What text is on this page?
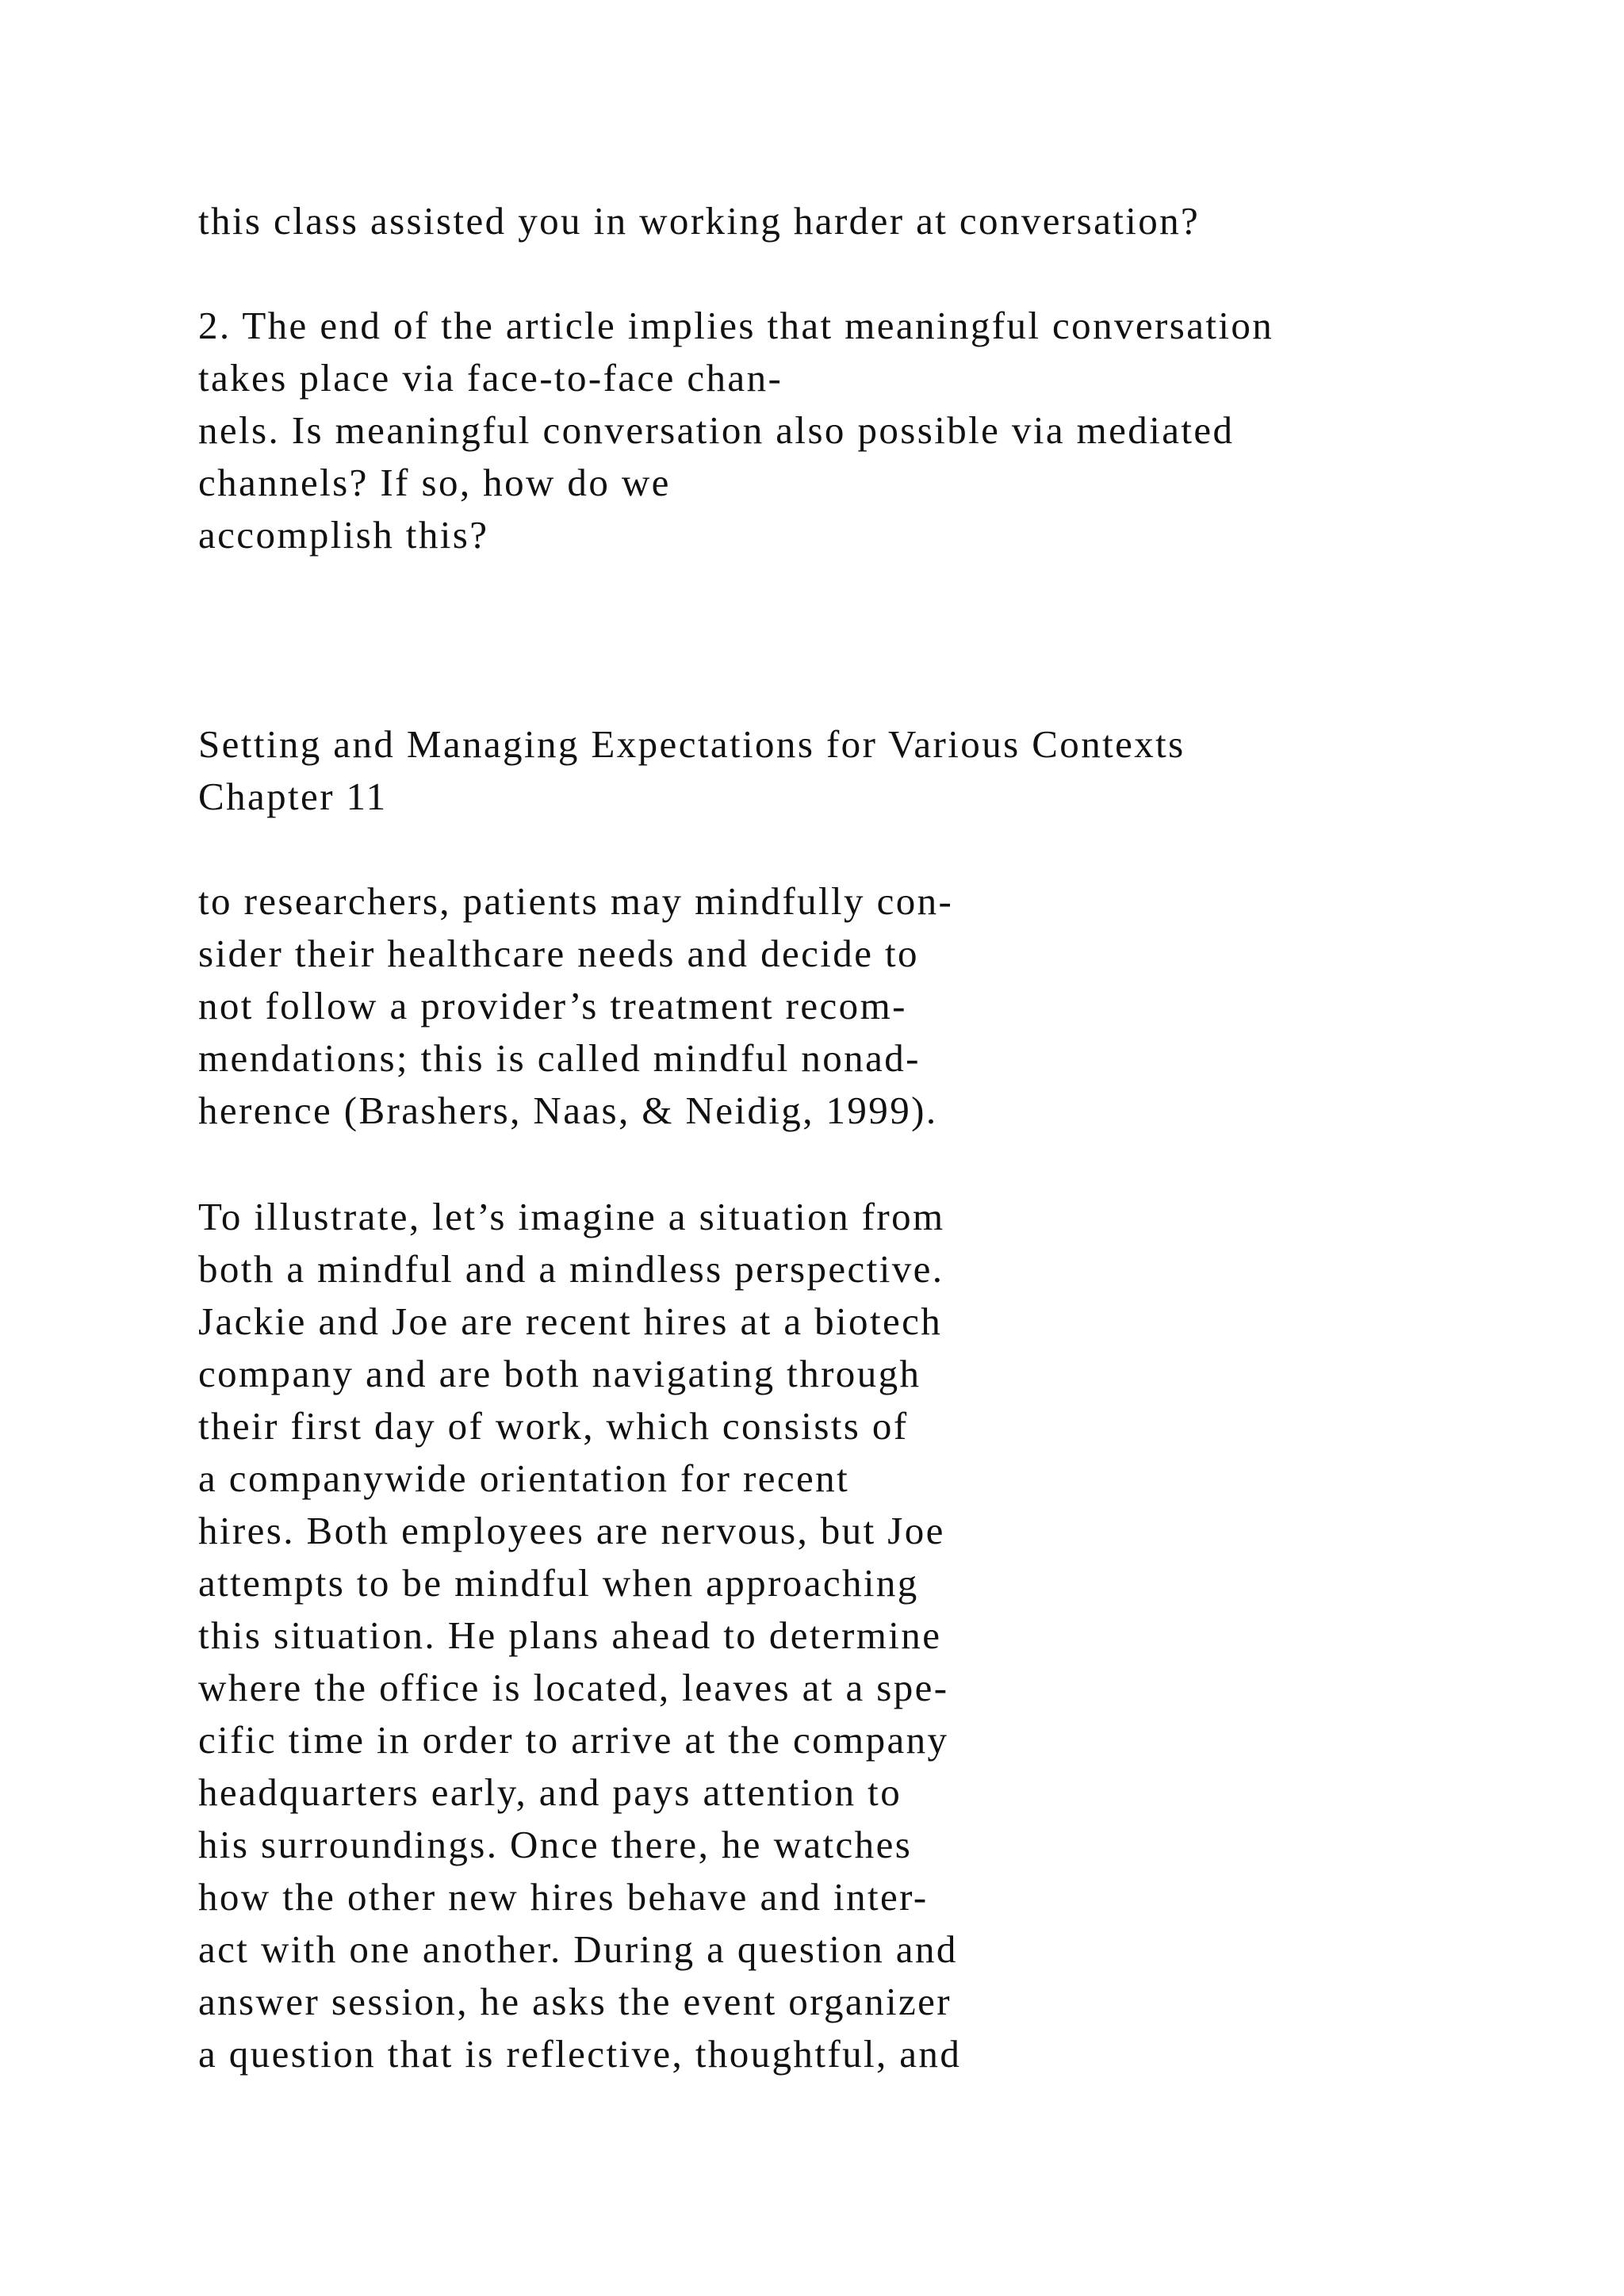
this class assisted you in working harder at conversation?

2. The end of the article implies that meaningful conversation
takes place via face-to-face chan-
nels. Is meaningful conversation also possible via mediated
channels? If so, how do we
accomplish this?

Setting and Managing Expectations for Various Contexts
Chapter 11

to researchers, patients may mindfully con-
sider their healthcare needs and decide to
not follow a provider’s treatment recom-
mendations; this is called mindful nonad-
herence (Brashers, Naas, & Neidig, 1999).

To illustrate, let’s imagine a situation from
both a mindful and a mindless perspective.
Jackie and Joe are recent hires at a biotech
company and are both navigating through
their first day of work, which consists of
a companywide orientation for recent
hires. Both employees are nervous, but Joe
attempts to be mindful when approaching
this situation. He plans ahead to determine
where the office is located, leaves at a spe-
cific time in order to arrive at the company
headquarters early, and pays attention to
his surroundings. Once there, he watches
how the other new hires behave and inter-
act with one another. During a question and
answer session, he asks the event organizer
a question that is reflective, thoughtful, and
